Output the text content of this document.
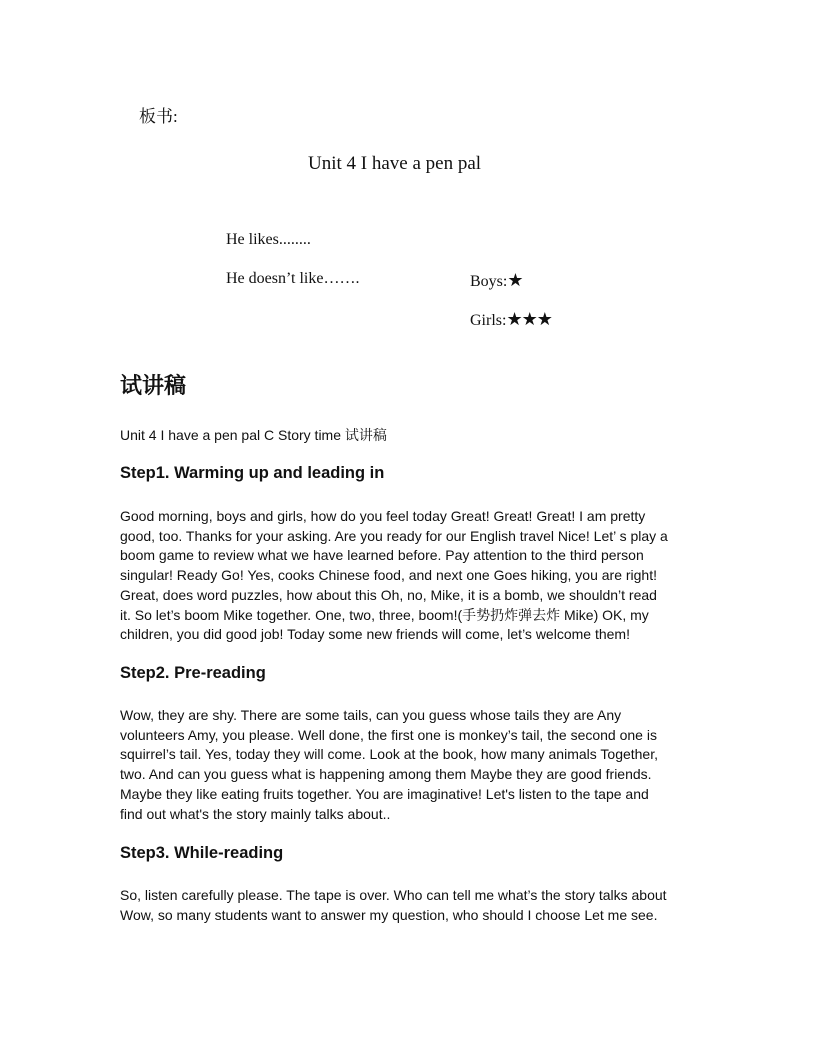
板书:
Unit 4 I have a pen pal
He likes........
He doesn’t like…….	Boys:★
Girls:★★★
试讲稿
Unit 4 I have a pen pal C Story time 试讲稿
Step1. Warming up and leading in
Good morning, boys and girls, how do you feel today Great! Great! Great! I am pretty
good, too. Thanks for your asking. Are you ready for our English travel Nice! Let’ s play a
boom game to review what we have learned before. Pay attention to the third person
singular! Ready Go! Yes, cooks Chinese food, and next one Goes hiking, you are right!
Great, does word puzzles, how about this Oh, no, Mike, it is a bomb, we shouldn’t read
it. So let’s boom Mike together. One, two, three, boom!(手势扔炸弹去炸 Mike) OK, my
children, you did good job! Today some new friends will come, let’s welcome them!
Step2. Pre-reading
Wow, they are shy. There are some tails, can you guess whose tails they are Any
volunteers Amy, you please. Well done, the first one is monkey’s tail, the second one is
squirrel’s tail. Yes, today they will come. Look at the book, how many animals Together,
two. And can you guess what is happening among them Maybe they are good friends.
Maybe they like eating fruits together. You are imaginative! Let's listen to the tape and
find out what's the story mainly talks about..
Step3. While-reading
So, listen carefully please. The tape is over. Who can tell me what’s the story talks about
Wow, so many students want to answer my question, who should I choose Let me see.
